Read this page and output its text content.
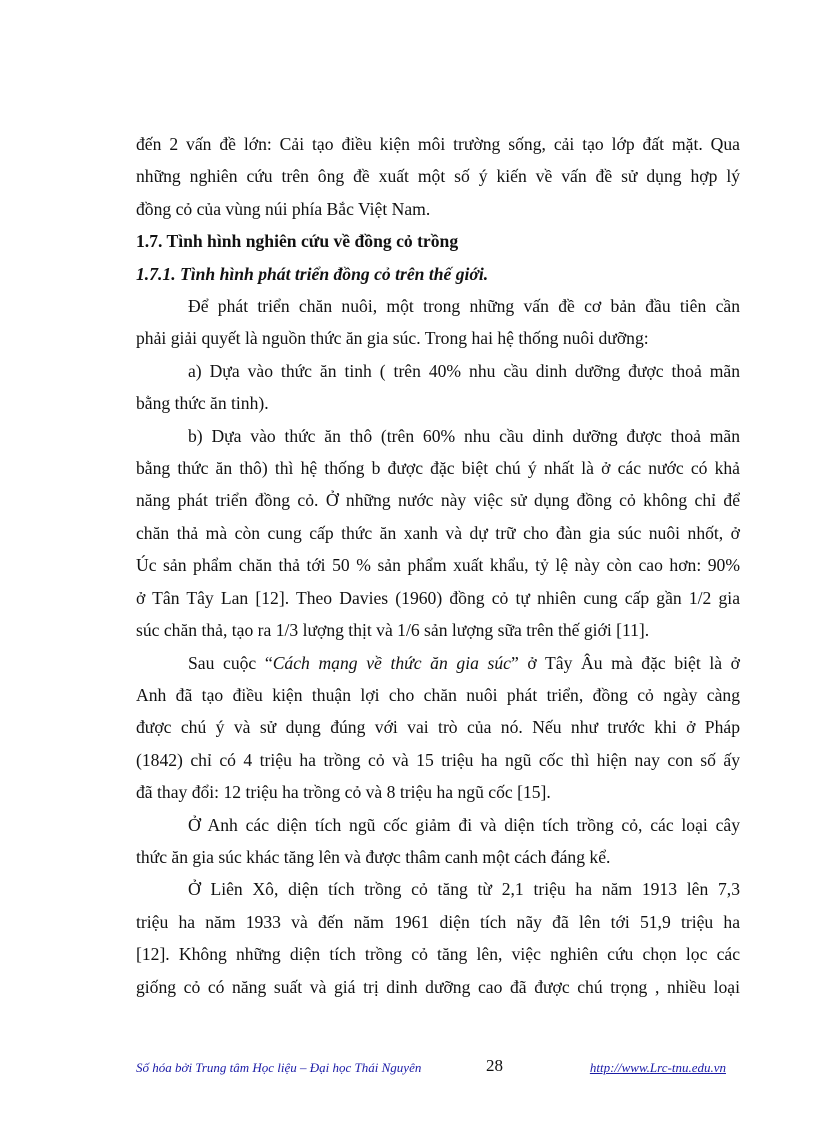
đến 2 vấn đề lớn: Cải tạo điều kiện môi trường sống, cải tạo lớp đất mặt. Qua

những nghiên cứu trên ông đề xuất một số ý kiến về vấn đề sử dụng hợp lý

đồng cỏ của vùng núi phía Bắc Việt Nam.

1.7. Tình hình nghiên cứu về đồng cỏ trồng
1.7.1. Tình hình phát triển đồng cỏ trên thế giới.

Để phát triển chăn nuôi, một trong những vấn đề cơ bản đầu tiên cần

phải giải quyết là nguồn thức ăn gia súc. Trong hai hệ thống nuôi dưỡng:

a) Dựa vào thức ăn tinh ( trên 40% nhu cầu dinh dưỡng được thoả mãn

bằng thức ăn tinh).

b) Dựa vào thức ăn thô (trên 60% nhu cầu dinh dưỡng được thoả mãn

bằng thức ăn thô) thì hệ thống b được đặc biệt chú ý nhất là ở các nước có khả

năng phát triển đồng cỏ. Ở những nước này việc sử dụng đồng cỏ không chỉ để

chăn thả mà còn cung cấp thức ăn xanh và dự trữ cho đàn gia súc nuôi nhốt, ở

Úc sản phẩm chăn thả tới 50 % sản phẩm xuất khẩu, tỷ lệ này còn cao hơn: 90%

ở Tân Tây Lan [12]. Theo Davies (1960) đồng cỏ tự nhiên cung cấp gần 1/2 gia

súc chăn thả, tạo ra 1/3 lượng thịt và 1/6 sản lượng sữa trên thế giới [11].

Sau cuộc “Cách mạng về thức ăn gia súc” ở Tây Âu mà đặc biệt là ở

Anh đã tạo điều kiện thuận lợi cho chăn nuôi phát triển, đồng cỏ ngày càng

được chú ý và sử dụng đúng với vai trò của nó. Nếu như trước khi ở Pháp

(1842) chỉ có 4 triệu ha trồng cỏ và 15 triệu ha ngũ cốc thì hiện nay con số ấy

đã thay đổi: 12 triệu ha trồng cỏ và 8 triệu ha ngũ cốc [15].

Ở Anh các diện tích ngũ cốc giảm đi và diện tích trồng cỏ, các loại cây

thức ăn gia súc khác tăng lên và được thâm canh một cách đáng kể.

Ở Liên Xô, diện tích trồng cỏ tăng từ 2,1 triệu ha năm 1913 lên 7,3

triệu ha năm 1933 và đến năm 1961 diện tích nãy đã lên tới 51,9 triệu ha

[12]. Không những diện tích trồng cỏ tăng lên, việc nghiên cứu chọn lọc các

giống cỏ có năng suất và giá trị dinh dưỡng cao đã được chú trọng , nhiều loại

Số hóa bởi Trung tâm Học liệu – Đại học Thái Nguyên	28	http://www.Lrc-tnu.edu.vn
